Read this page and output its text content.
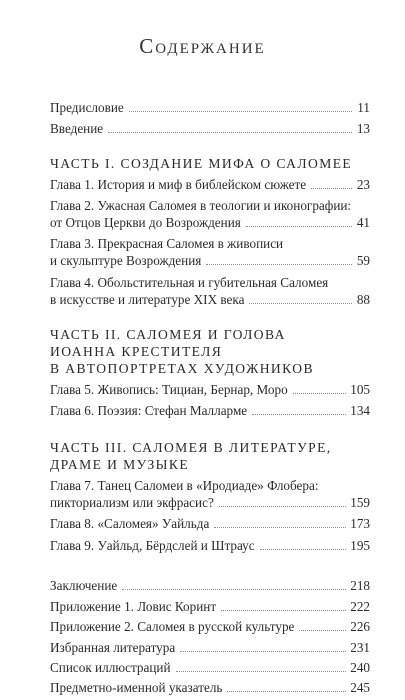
Содержание
Предисловие	11
Введение	13
ЧАСТЬ I. СОЗДАНИЕ МИФА О САЛОМЕЕ
Глава 1. История и миф в библейском сюжете	23
Глава 2. Ужасная Саломея в теологии и иконографии:
от Отцов Церкви до Возрождения	41
Глава 3. Прекрасная Саломея в живописи
и скульптуре Возрождения	59
Глава 4. Обольстительная и губительная Саломея
в искусстве и литературе XIX века	88
ЧАСТЬ II. САЛОМЕЯ И ГОЛОВА
ИОАННА КРЕСТИТЕЛЯ
В АВТОПОРТРЕТАХ ХУДОЖНИКОВ
Глава 5. Живопись: Тициан, Бернар, Моро	105
Глава 6. Поэзия: Стефан Малларме	134
ЧАСТЬ III. САЛОМЕЯ В ЛИТЕРАТУРЕ,
ДРАМЕ И МУЗЫКЕ
Глава 7. Танец Саломеи в «Иродиаде» Флобера:
пикториализм или экфрасис?	159
Глава 8. «Саломея» Уайльда	173
Глава 9. Уайльд, Бёрдслей и Штраус	195
Заключение	218
Приложение 1. Ловис Коринт	222
Приложение 2. Саломея в русской культуре	226
Избранная литература	231
Список иллюстраций	240
Предметно-именной указатель	245
